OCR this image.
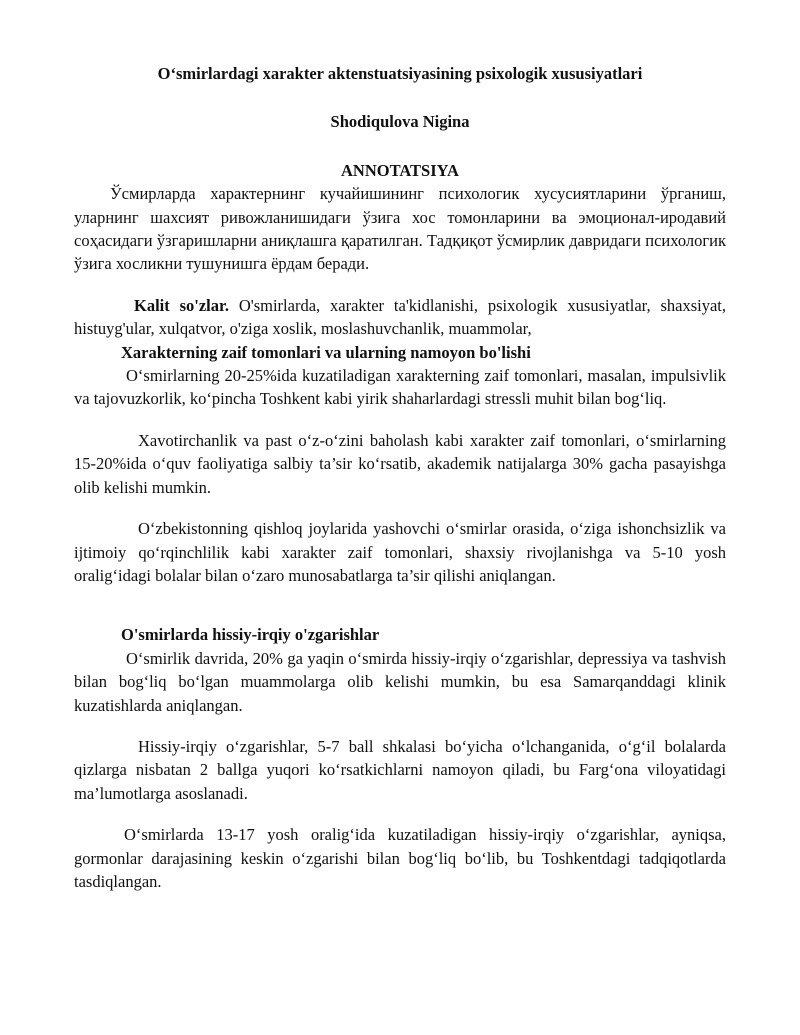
O‘smirlardagi xarakter aktenstuatsiyasining psixologik xususiyatlari

Shodiqulova Nigina

ANNOTATSIYA

Ўсмирларда характернинг кучайишининг психологик хусусиятларини ўрганиш, уларнинг шахсият ривожланишидаги ўзига хос томонларини ва эмоционал-иродавий соҳасидаги ўзгаришларни аниқлашга қаратилган. Тадқиқот ўсмирлик давридаги психологик ўзига хосликни тушунишга ёрдам беради.

Kalit so'zlar. O'smirlarda, xarakter ta'kidlanishi, psixologik xususiyatlar, shaxsiyat, histuyg'ular, xulqatvor, o'ziga xoslik, moslashuvchanlik, muammolar,

Xarakterning zaif tomonlari va ularning namoyon bo'lishi

O‘smirlarning 20-25%ida kuzatiladigan xarakterning zaif tomonlari, masalan, impulsivlik va tajovuzkorlik, ko‘pincha Toshkent kabi yirik shaharlardagi stressli muhit bilan bog‘liq.

Xavotirchanlik va past o‘z-o‘zini baholash kabi xarakter zaif tomonlari, o‘smirlarning 15-20%ida o‘quv faoliyatiga salbiy ta’sir ko‘rsatib, akademik natijalarga 30% gacha pasayishga olib kelishi mumkin.

O‘zbekistonning qishloq joylarida yashovchi o‘smirlar orasida, o‘ziga ishonchsizlik va ijtimoiy qo‘rqinchlilik kabi xarakter zaif tomonlari, shaxsiy rivojlanishga va 5-10 yosh oralig‘idagi bolalar bilan o‘zaro munosabatlarga ta’sir qilishi aniqlangan.

O'smirlarda hissiy-irqiy o'zgarishlar

O‘smirlik davrida, 20% ga yaqin o‘smirda hissiy-irqiy o‘zgarishlar, depressiya va tashvish bilan bog‘liq bo‘lgan muammolarga olib kelishi mumkin, bu esa Samarqanddagi klinik kuzatishlarda aniqlangan.

Hissiy-irqiy o‘zgarishlar, 5-7 ball shkalasi bo‘yicha o‘lchanganida, o‘g‘il bolalarda qizlarga nisbatan 2 ballga yuqori ko‘rsatkichlarni namoyon qiladi, bu Farg‘ona viloyatidagi ma’lumotlarga asoslanadi.

O‘smirlarda 13-17 yosh oralig‘ida kuzatiladigan hissiy-irqiy o‘zgarishlar, ayniqsa, gormonlar darajasining keskin o‘zgarishi bilan bog‘liq bo‘lib, bu Toshkentdagi tadqiqotlarda tasdiqlangan.
